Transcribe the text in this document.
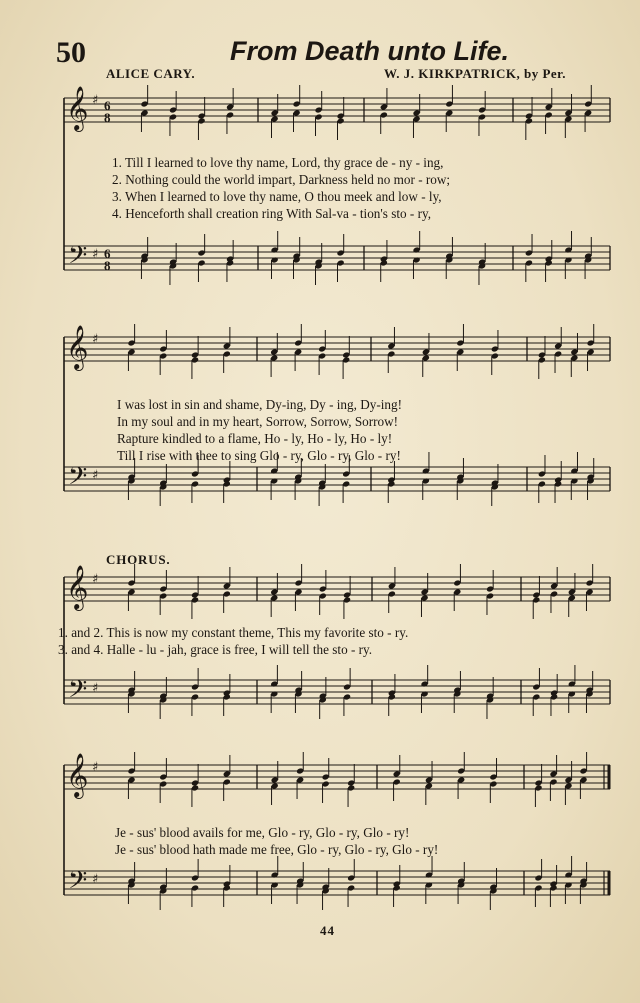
50	From Death unto Life.
ALICE CARY.	W. J. KIRKPATRICK, by Per.
𝄞
𝄢
♯
♯
6
8
6
8
𝄞
𝄢
♯
♯
𝄞
𝄢
♯
♯
𝄞
𝄢
♯
♯
1. Till I learned to love thy name, Lord, thy grace de - ny - ing,
2. Nothing could the world impart, Darkness held no mor - row;
3. When I learned to love thy name, O thou meek and low - ly,
4. Henceforth shall creation ring With Sal-va - tion's sto - ry,
I was lost in sin and shame, Dy-ing, Dy - ing, Dy-ing!
In my soul and in my heart, Sorrow, Sorrow, Sorrow!
Rapture kindled to a flame, Ho - ly, Ho - ly, Ho - ly!
Till I rise with thee to sing Glo - ry, Glo - ry, Glo - ry!
CHORUS.
1. and 2. This is now my constant theme, This my favorite sto - ry.
3. and 4. Halle - lu - jah, grace is free, I will tell the sto - ry.
Je - sus' blood avails for me, Glo - ry, Glo - ry, Glo - ry!
Je - sus' blood hath made me free, Glo - ry, Glo - ry, Glo - ry!
44
